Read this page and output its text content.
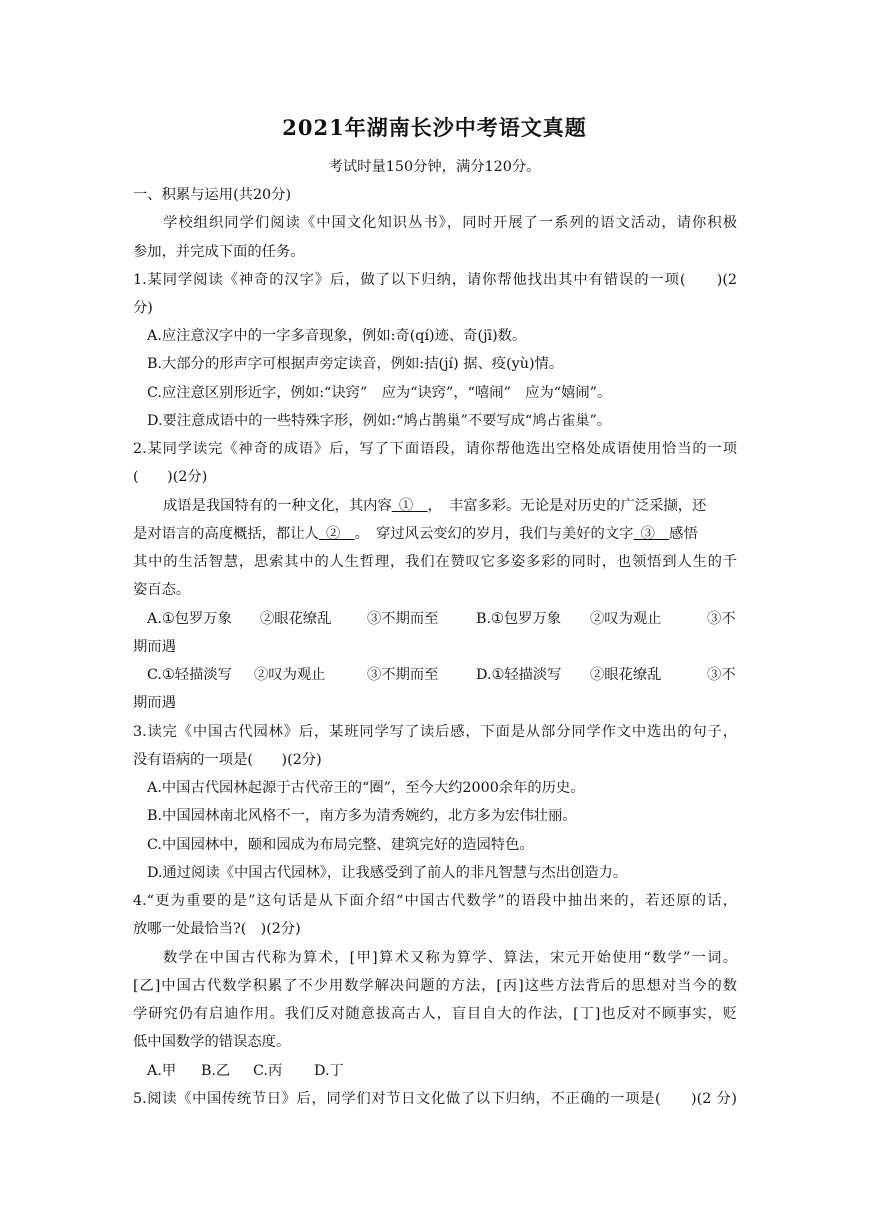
2021年湖南长沙中考语文真题
考试时量150分钟，满分120分。
一、积累与运用(共20分)
学校组织同学们阅读《中国文化知识丛书》，同时开展了一系列的语文活动，请你积极
参加，并完成下面的任务。
1.某同学阅读《神奇的汉字》后，做了以下归纳，请你帮他找出其中有错误的一项(　　)(2
分)
A.应注意汉字中的一字多音现象，例如:奇(qí)迹、奇(jī)数。
B.大部分的形声字可根据声旁定读音，例如:拮(jí) 据、疫(yù)情。
C.应注意区别形近字，例如:“诀窍”　应为“诀窍”，“嘻闹”　应为“嬉闹”。
D.要注意成语中的一些特殊字形，例如:“鸠占鹊巢”不要写成“鸠占雀巢”。
2.某同学读完《神奇的成语》后，写了下面语段，请你帮他选出空格处成语使用恰当的一项
(　　)(2分)
成语是我国特有的一种文化，其内容  ①   ，　丰富多彩。无论是对历史的广泛采撷，还
是对语言的高度概括，都让人  ②   。　穿过风云变幻的岁月，我们与美好的文字  ③   感悟
其中的生活智慧，思索其中的人生哲理，我们在赞叹它多姿多彩的同时，也领悟到人生的千
姿百态。
A.①包罗万象 ②眼花缭乱 ③不期而至	B.①包罗万象 ②叹为观止	③不
期而遇
C.①轻描淡写 ②叹为观止	③不期而至	D.①轻描淡写 ②眼花缭乱	③不
期而遇
3.读完《中国古代园林》后，某班同学写了读后感，下面是从部分同学作文中选出的句子，
没有语病的一项是(　　)(2分)
A.中国古代园林起源于古代帝王的“圈”，至今大约2000余年的历史。
B.中国园林南北风格不一，南方多为清秀婉约，北方多为宏伟壮丽。
C.中国园林中，颐和园成为布局完整、建筑完好的造园特色。
D.通过阅读《中国古代园林》，让我感受到了前人的非凡智慧与杰出创造力。
4.“更为重要的是”这句话是从下面介绍“中国古代数学”的语段中抽出来的，若还原的话，
放哪一处最恰当?(　)(2分)
数学在中国古代称为算术，[甲]算术又称为算学、算法，宋元开始使用“数学”一词。
[乙]中国古代数学积累了不少用数学解决问题的方法，[丙]这些方法背后的思想对当今的数
学研究仍有启迪作用。我们反对随意拔高古人，盲目自大的作法，[丁]也反对不顾事实，贬
低中国数学的错误态度。
A.甲 B.乙 C.丙 D.丁
5.阅读《中国传统节日》后，同学们对节日文化做了以下归纳，不正确的一项是(　　)(2 分)
